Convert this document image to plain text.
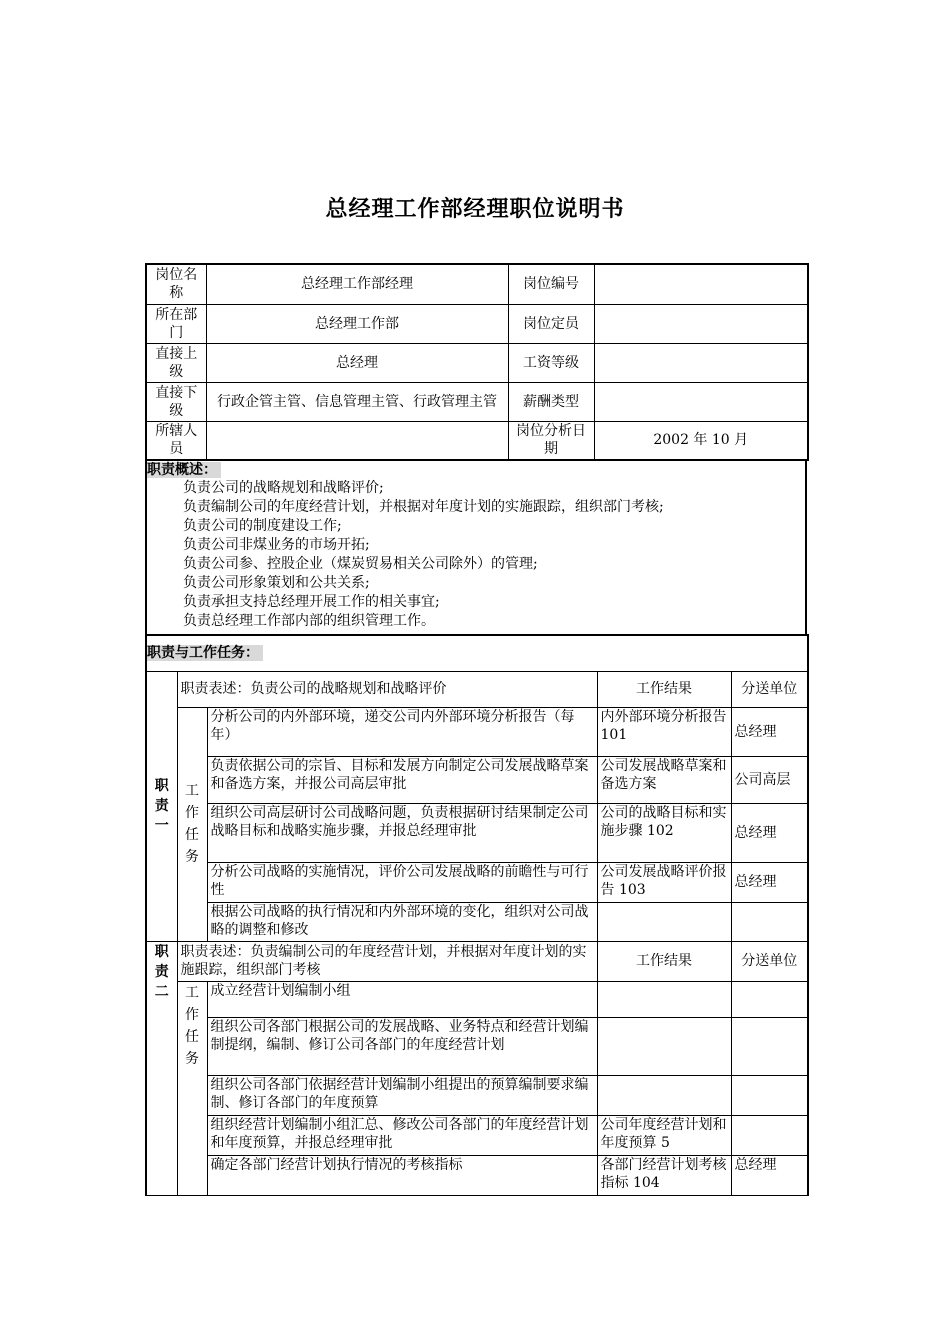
总经理工作部经理职位说明书
岗位名称	总经理工作部经理	岗位编号	
所在部门	总经理工作部	岗位定员	
直接上级	总经理	工资等级	
直接下级	行政企管主管、信息管理主管、行政管理主管	薪酬类型	
所辖人员		岗位分析日期	2002 年 10 月
职责概述：
负责公司的战略规划和战略评价;
负责编制公司的年度经营计划，并根据对年度计划的实施跟踪，组织部门考核;
负责公司的制度建设工作;
负责公司非煤业务的市场开拓;
负责公司参、控股企业（煤炭贸易相关公司除外）的管理;
负责公司形象策划和公共关系;
负责承担支持总经理开展工作的相关事宜;
负责总经理工作部内部的组织管理工作。
职责与工作任务：				
职责一	职责表述：负责公司的战略规划和战略评价		工作结果	分送单位
	工作任务	分析公司的内外部环境，递交公司内外部环境分析报告（每年）	内外部环境分析报告 101	总经理
		负责依据公司的宗旨、目标和发展方向制定公司发展战略草案和备选方案，并报公司高层审批	公司发展战略草案和备选方案	公司高层
		组织公司高层研讨公司战略问题，负责根据研讨结果制定公司战略目标和战略实施步骤，并报总经理审批	公司的战略目标和实施步骤 102	总经理
		分析公司战略的实施情况，评价公司发展战略的前瞻性与可行性	公司发展战略评价报告 103	总经理
		根据公司战略的执行情况和内外部环境的变化，组织对公司战略的调整和修改		
职责二	职责表述：负责编制公司的年度经营计划，并根据对年度计划的实施跟踪，组织部门考核		工作结果	分送单位
	工作任务	成立经营计划编制小组		
		组织公司各部门根据公司的发展战略、业务特点和经营计划编制提纲，编制、修订公司各部门的年度经营计划		
		组织公司各部门依据经营计划编制小组提出的预算编制要求编制、修订各部门的年度预算		
		组织经营计划编制小组汇总、修改公司各部门的年度经营计划和年度预算，并报总经理审批	公司年度经营计划和年度预算 5	
		确定各部门经营计划执行情况的考核指标	各部门经营计划考核指标 104	总经理
